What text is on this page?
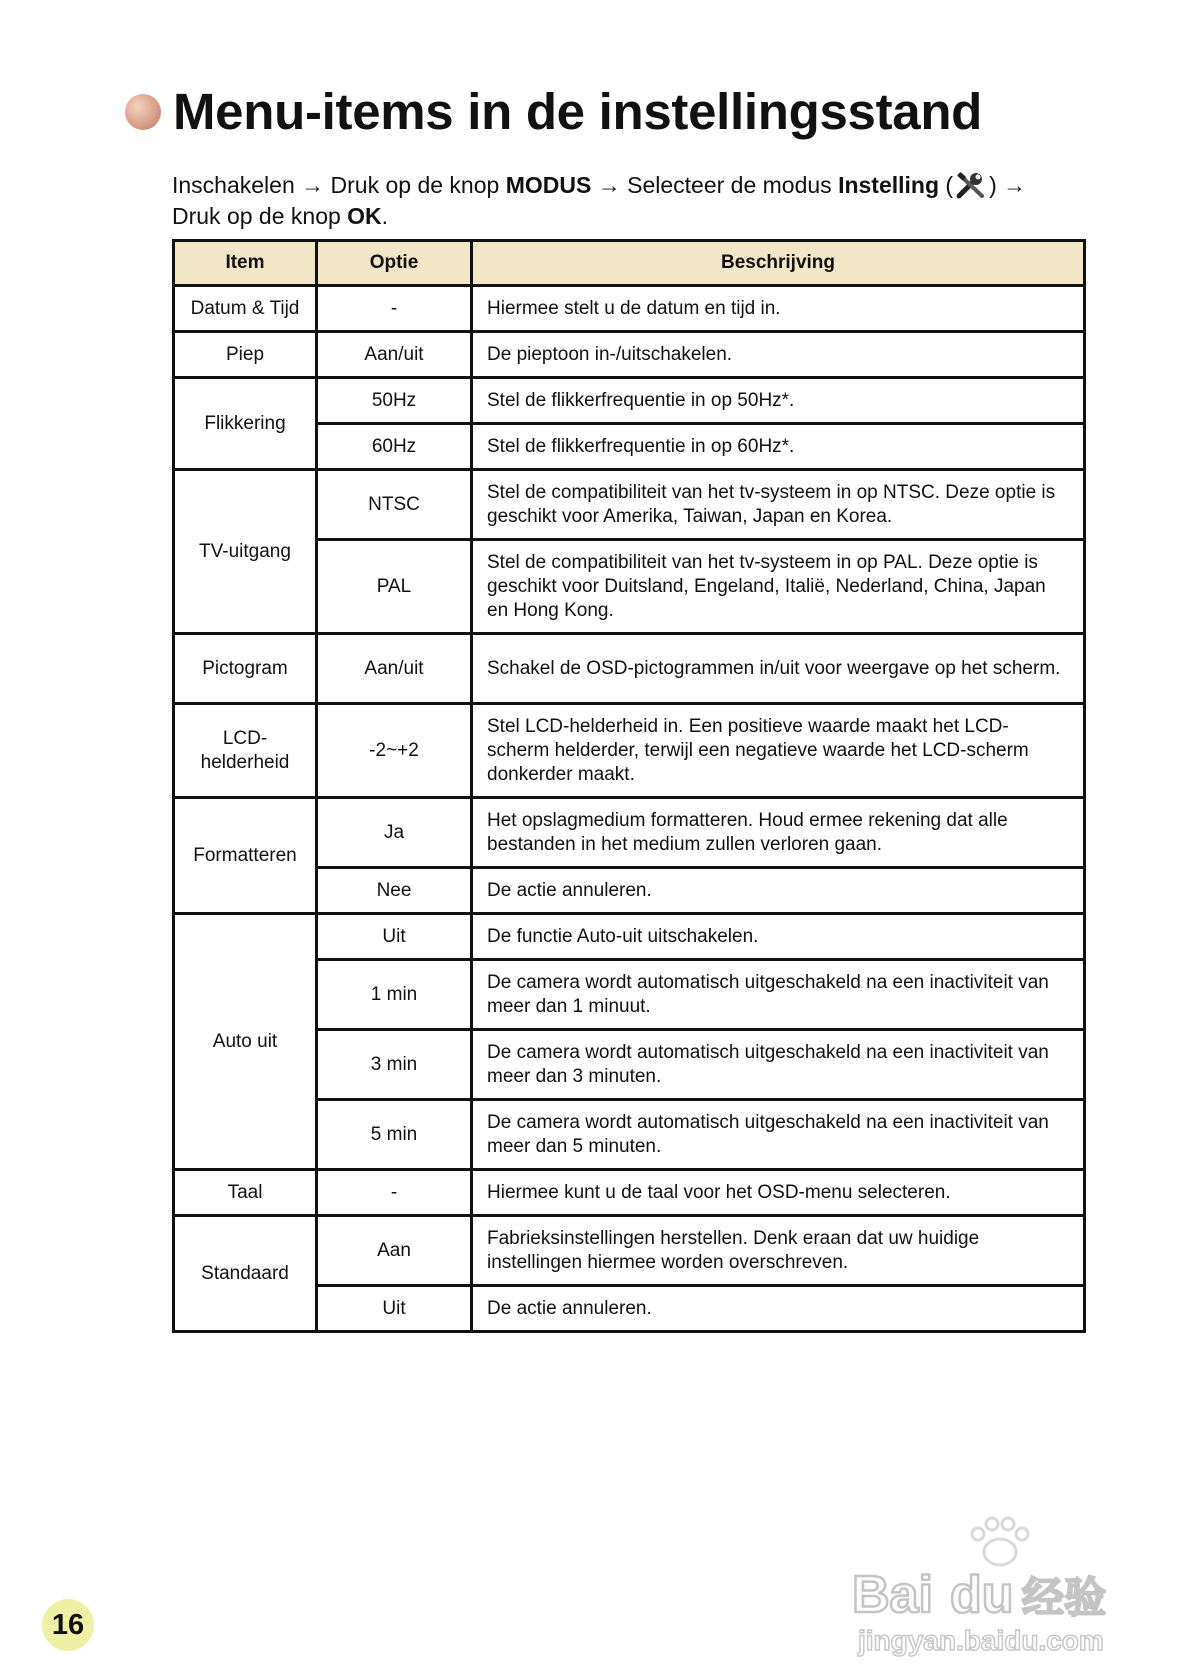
Menu-items in de instellingsstand
Inschakelen → Druk op de knop MODUS → Selecteer de modus Instelling ( ) →
Druk op de knop OK.
Item	Optie	Beschrijving
Datum & Tijd	-	Hiermee stelt u de datum en tijd in.
Piep	Aan/uit	De pieptoon in-/uitschakelen.
Flikkering	50Hz	Stel de flikkerfrequentie in op 50Hz*.
	60Hz	Stel de flikkerfrequentie in op 60Hz*.
TV-uitgang	NTSC	Stel de compatibiliteit van het tv-systeem in op NTSC. Deze optie is geschikt voor Amerika, Taiwan, Japan en Korea.
	PAL	Stel de compatibiliteit van het tv-systeem in op PAL. Deze optie is geschikt voor Duitsland, Engeland, Italië, Nederland, China, Japan en Hong Kong.
Pictogram	Aan/uit	Schakel de OSD-pictogrammen in/uit voor weergave op het scherm.
LCD-helderheid	-2~+2	Stel LCD-helderheid in. Een positieve waarde maakt het LCD-scherm helderder, terwijl een negatieve waarde het LCD-scherm donkerder maakt.
Formatteren	Ja	Het opslagmedium formatteren. Houd ermee rekening dat alle bestanden in het medium zullen verloren gaan.
	Nee	De actie annuleren.
Auto uit	Uit	De functie Auto-uit uitschakelen.
	1 min	De camera wordt automatisch uitgeschakeld na een inactiviteit van meer dan 1 minuut.
	3 min	De camera wordt automatisch uitgeschakeld na een inactiviteit van meer dan 3 minuten.
	5 min	De camera wordt automatisch uitgeschakeld na een inactiviteit van meer dan 5 minuten.
Taal	-	Hiermee kunt u de taal voor het OSD-menu selecteren.
Standaard	Aan	Fabrieksinstellingen herstellen. Denk eraan dat uw huidige instellingen hiermee worden overschreven.
	Uit	De actie annuleren.
16
Bai du 经验
jingyan.baidu.com
